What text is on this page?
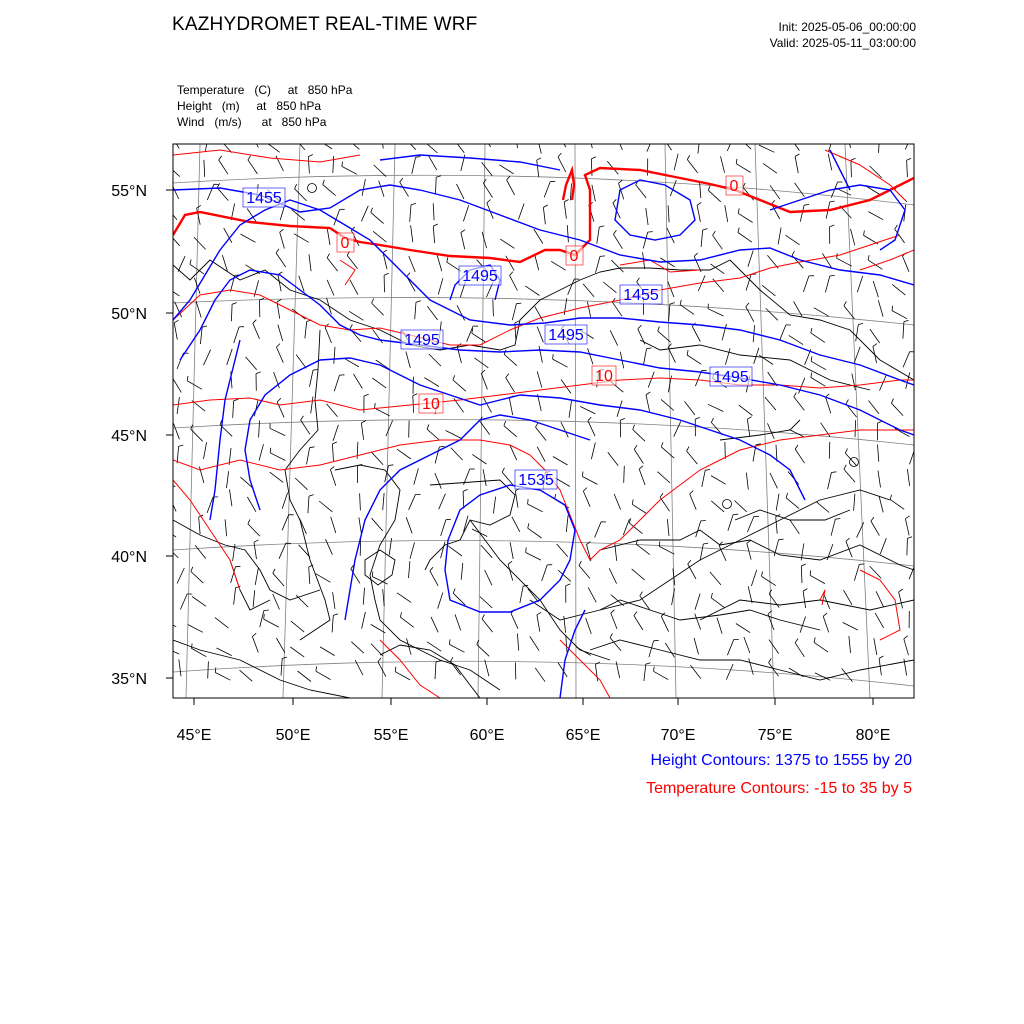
KAZHYDROMET REAL-TIME WRF	Init: 2025-05-06_00:00:00
Valid: 2025-05-11_03:00:00
Temperature   (C)     at   850 hPa
Height   (m)     at   850 hPa
Wind   (m/s)      at   850 hPa
1455
1495
1495	1495
1455
1495
1535
0
0
0
10
10
55°N
50°N
45°N
40°N
35°N
45°E	50°E	55°E	60°E	65°E	70°E	75°E	80°E
Height Contours: 1375 to 1555 by 20
Temperature Contours: -15 to 35 by 5
